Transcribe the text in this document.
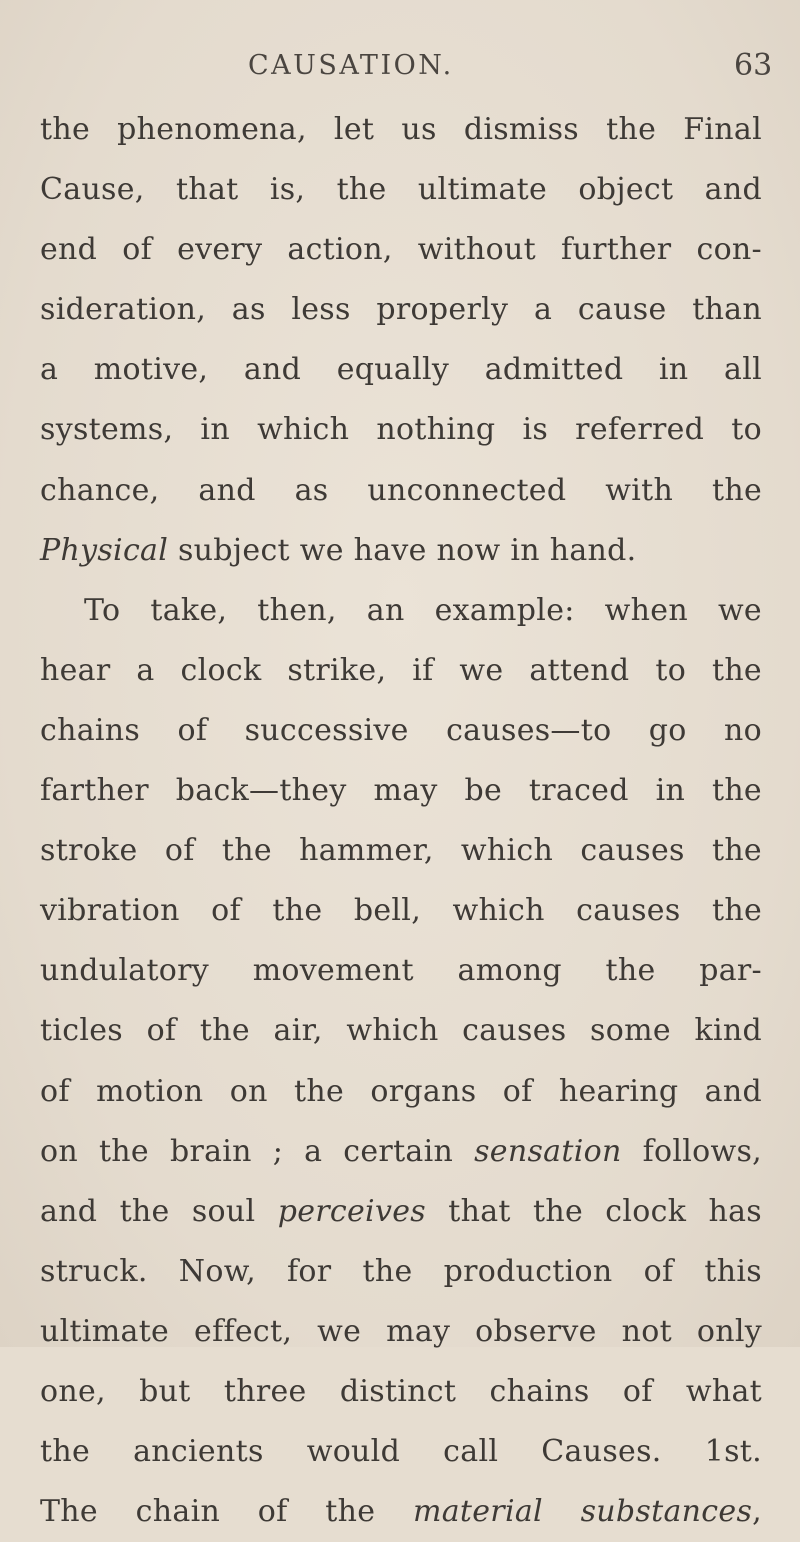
CAUSATION.	63
the phenomena, let us dismiss the Final
Cause, that is, the ultimate object and
end of every action, without further con-
sideration, as less properly a cause than
a motive, and equally admitted in all
systems, in which nothing is referred to
chance, and as unconnected with the
Physical subject we have now in hand.
To take, then, an example: when we
hear a clock strike, if we attend to the
chains of successive causes—to go no
farther back—they may be traced in the
stroke of the hammer, which causes the
vibration of the bell, which causes the
undulatory movement among the par-
ticles of the air, which causes some kind
of motion on the organs of hearing and
on the brain ; a certain sensation follows,
and the soul perceives that the clock has
struck. Now, for the production of this
ultimate effect, we may observe not only
one, but three distinct chains of what
the ancients would call Causes. 1st.
The chain of the material substances,
